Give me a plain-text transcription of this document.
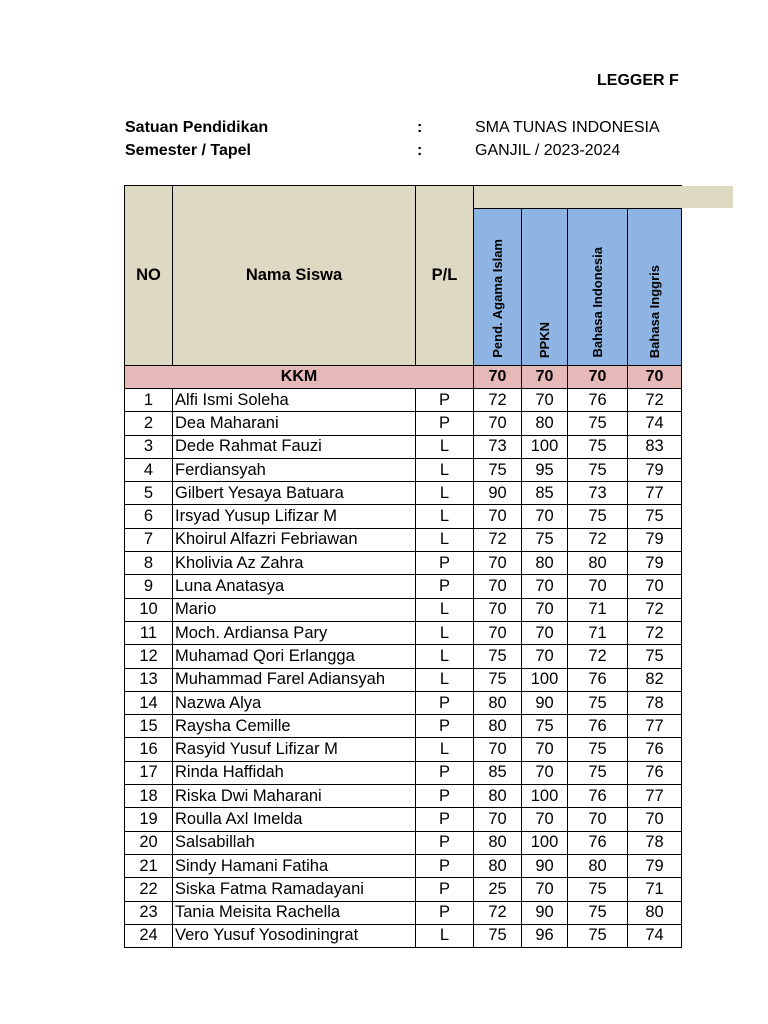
LEGGER F
Satuan Pendidikan	:	SMA TUNAS INDONESIA
Semester / Tapel	:	GANJIL / 2023-2024
NO	Nama Siswa	P/L					
			Pend. Agama Islam	PPKN	Bahasa Indonesia	Bahasa Inggris	
KKM			70	70	70	70	
1	Alfi Ismi Soleha	P	72	70	76	72	
2	Dea Maharani	P	70	80	75	74	
3	Dede Rahmat Fauzi	L	73	100	75	83	
4	Ferdiansyah	L	75	95	75	79	
5	Gilbert Yesaya Batuara	L	90	85	73	77	
6	Irsyad Yusup Lifizar M	L	70	70	75	75	
7	Khoirul Alfazri Febriawan	L	72	75	72	79	
8	Kholivia Az Zahra	P	70	80	80	79	
9	Luna Anatasya	P	70	70	70	70	
10	Mario	L	70	70	71	72	
11	Moch. Ardiansa Pary	L	70	70	71	72	
12	Muhamad Qori Erlangga	L	75	70	72	75	
13	Muhammad Farel Adiansyah	L	75	100	76	82	
14	Nazwa Alya	P	80	90	75	78	
15	Raysha Cemille	P	80	75	76	77	
16	Rasyid Yusuf Lifizar M	L	70	70	75	76	
17	Rinda Haffidah	P	85	70	75	76	
18	Riska Dwi Maharani	P	80	100	76	77	
19	Roulla Axl Imelda	P	70	70	70	70	
20	Salsabillah	P	80	100	76	78	
21	Sindy Hamani Fatiha	P	80	90	80	79	
22	Siska Fatma Ramadayani	P	25	70	75	71	
23	Tania Meisita Rachella	P	72	90	75	80	
24	Vero Yusuf Yosodiningrat	L	75	96	75	74	
